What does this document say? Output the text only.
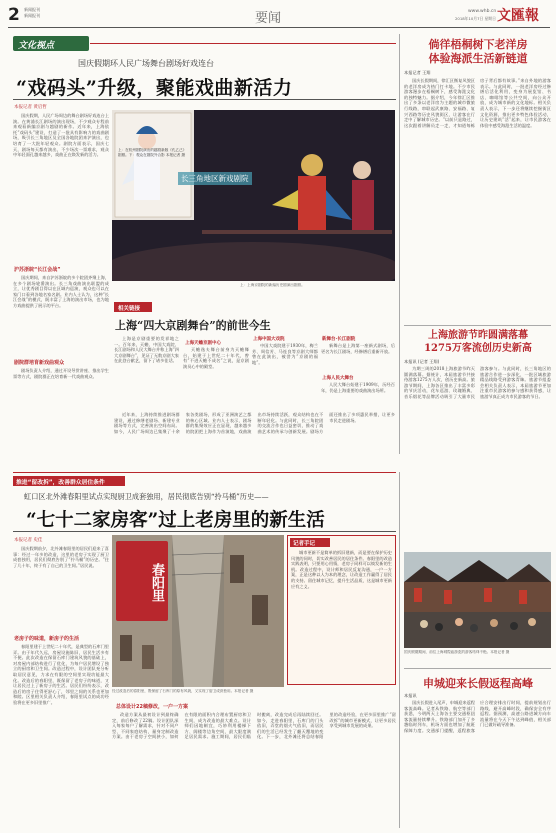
2 新闻报刊
新闻报刊	要闻	www.whb.cn
2018年10月7日 星期日 文匯報
文化视点
国庆假期环人民广场舞台剧场好戏连台
“戏码头”升级，聚能戏曲新活力
本报记者 黄启哲
国庆假期，人民广场周边的舞台剧场好戏连台上演。在黄浦长江剧场的演出现场，不少观众专程前来观看新编京剧与越剧的新作。近年来，上海依托“戏码头”建设，打造了一批具有影响力的戏曲剧场，吸引长三角地区及全国各地院团来沪演出，也培育了一大批年轻观众。剧院方面表示，国庆七天，剧场每天都有演出，不少场次一票难求，观众中年轻面孔越来越多，戏曲正在焕发新的活力。
沪苏浙皖“长江会战”
国庆期间，来自沪苏浙皖的多个院团齐聚上海，在多个剧场轮番演出。长三角戏曲演出联盟的成立，让优秀剧目得以在区域内巡演，观众也可以在家门口看到各地名家名剧。业内人士认为，这种“长江会战”的模式，既丰富了上海的演出市场，也为地方戏曲提供了展示的平台。
剧院群培育新戏曲观众
剧场负责人介绍，通过开设导赏讲座、推出学生票等方式，剧院群正在培育新一代戏曲观众。
长三角地区新戏剧院
上：在杭州剧院演出的越剧新版《孔乙己》剧照。下：观众在剧院外合影 本报记者 摄
上：上海京剧院的新编历史剧演出剧照。
相关链接
上海“四大京剧舞台”的前世今生
上海是京剧重要的发祥地之一。百年来，天蟾、中国大戏院、长江剧场和人民大舞台并称上海“四大京剧舞台”，见证了无数京剧大家在此登台献艺，留下了诸多佳话。
上海天蟾京剧中心
天蟾逸夫舞台前身为天蟾舞台，始建于上世纪二十年代，曾有“不进天蟾不成名”之说，是京剧演员心中的殿堂。
上海中国大戏院
中国大戏院建于1930年，梅兰芳、周信芳、马连良等京剧大师都曾在此演出，被誉为“京剧的福地”。
新舞台·长江剧院
新舞台是上海第一座新式剧场，后更名为长江剧场，经修缮后重新开放。
上海人民大舞台
人民大舞台始建于1909年，历经百年，仍是上海重要的戏曲演出场所。
近年来，上海持续推进剧场群建设，通过修缮老剧场、新建专业剧场等方式，完善演出空间布局。如今，人民广场周边已集聚了十余家各类剧场，形成了亚洲演艺之都的核心区域。业内人士表示，剧场群的集聚效应正在显现，越来越多的院团把上海作为首演地，戏曲演出市场持续活跃，观众结构也在不断年轻化。与此同时，长三角院团的交流合作也日益密切，推动了戏曲艺术的传承与创新发展。剧场方面还推出了多项惠民举措，让更多市民走进剧场。
倘徉梧桐树下老洋房
体验海派生活新链道
本报记者 王翔
国庆长假期间，徐汇区衡复风貌区的老洋房成为热门打卡地。不少市民游客漫步在梧桐树下，感受海派文化的独特魅力。据介绍，今年徐汇区推出了多条以老洋房为主题的城市微旅行线路，串联起武康路、安福路、复兴西路等历史风貌街区，让游客在行走中了解城市历史。“以前只是路过，这次跟着讲解员走一走，才知道每栋房子背后都有故事。”来自外地的游客表示。与此同时，一批老洋房经过修缮后活化利用，变身为展览馆、书店、咖啡馆等公共空间，向公众开放，成为城市新的文化地标。相关负责人表示，下一步还将继续挖掘街区文化资源，推出更多特色体验活动，让历史建筑“活”起来，让市民游客在体验中感受海派生活的温度。
上海旅游节昨圆满落幕
1275万客流创历史新高
本报讯 (记者 王翔)
为期三周的2018上海旅游节昨天圆满落幕。据统计，本届旅游节共接待游客1275万人次，创历史新高。旅游节期间，上海各区推出了丰富多彩的节庆活动，花车巡游、玫瑰婚典、音乐烟花等品牌活动吸引了大量市民游客参与。与此同时，长三角地区的旅游合作进一步深化，一批区域旅游精品线路受到游客青睐。旅游节组委会相关负责人表示，本届旅游节更加注重市民游客的参与感和获得感，让旅游节真正成为市民游客的节日。
国庆假期期间，前往上海城隍庙游览的游客络绎不绝。本报记者 摄
申城迎来长假返程高峰
本报讯
国庆长假进入尾声，申城迎来返程客流高峰。记者从铁路、航空等部门获悉，今明两天上海各主要交通枢纽客流量持续攀升。铁路部门加开了多趟临时列车，机场方面也增加了航班保障力度。交通部门提醒，返程旅客应合理安排出行时间，提前规划出行路线，避开高峰时段，确保安全有序返程。据预测，高速公路进城方向车流量将在今天下午达到峰值，相关部门已做好疏导准备。
推进“留改拆”，改善群众居住条件
虹口区北外滩春阳里试点实现厨卫成套独用，居民彻底告别“拎马桶”历史——
“七十二家房客”过上老房里的新生活
本报记者 史佳
国庆假期前夕，北外滩春阳里的居民们迎来了喜事：经过一年多的改造，这里的老房子实现了厨卫成套独用，居民们彻底告别了“拎马桶”的历史。“住了几十年，终于有了自己的卫生间。”居民说。
老房子的味道，新房子的生活
春阳里建于上世纪二十年代，是典型的石库门里弄。由于年代久远，房屋设施陈旧，居民生活多有不便。此次改造在保留石库门建筑风貌的基础上，对房屋内部结构进行了优化，为每户居民增设了独立的厨房和卫生间。改造过程中，设计团队充分听取居民意见，力求在有限的空间里实现功能最大化。改造后的春阳里，既保留了老房子的味道，又让居民过上了新房子的生活。居民们纷纷表示，改造后的房子住得更舒心了，邻里之间的关系也更加和睦。区里相关负责人介绍，春阳里试点的成功经验将在更多旧里推广。
春阳里
经过改造后的春阳里，既保留了石库门的原有风貌，又实现了厨卫成套独用。本报记者 摄
记者手记
城市更新不是简单的拆旧建新，而是要在保护历史风貌的同时，切实改善居民的居住条件。春阳里的改造实践表明，只要用心用情，老房子同样可以焕发新的生机。改造过程中，设计师和居民反复沟通，一户一方案，正是这种以人为本的理念，让改造工作赢得了居民的支持。留住城市记忆，提升生活品质，这是城市更新应有之义。
总体设计22稿修改，一户一方案
改造方案从最初设计到最终确定，前后修改了22稿。设计团队深入每家每户了解需求，针对不同户型、不同家庭结构，量身定制改造方案。由于老房子空间狭小，如何在有限的面积内合理布置厨房和卫生间，成为改造的最大难点。设计师们因地制宜，巧妙利用楼梯下方、阁楼等边角空间，最大限度满足居民需求。施工期间，居民们临时搬离，改造完成后再陆续回迁。如今，走进春阳里，石库门的门头依旧，弄堂的烟火气依旧，而居民们的生活已经发生了翻天覆地的变化。下一步，北外滩还将总结春阳里的改造经验，在更多旧里推广“留改拆”的城市更新模式，让更多居民享受到城市发展的成果。
